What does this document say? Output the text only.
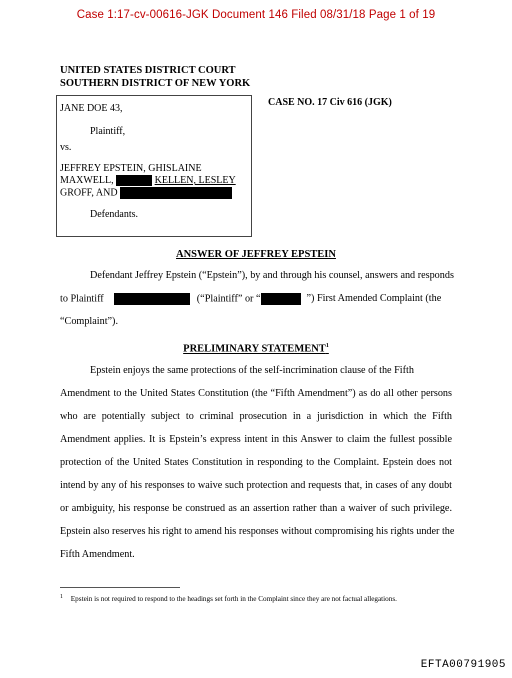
Case 1:17-cv-00616-JGK Document 146 Filed 08/31/18 Page 1 of 19
UNITED STATES DISTRICT COURT
SOUTHERN DISTRICT OF NEW YORK
JANE DOE 43,
Plaintiff,
vs.
JEFFREY EPSTEIN, GHISLAINE
MAXWELL,	KELLEN, LESLEY
GROFF, AND
Defendants.
CASE NO. 17 Civ 616 (JGK)
ANSWER OF JEFFREY EPSTEIN
Defendant Jeffrey Epstein (“Epstein”), by and through his counsel, answers and responds
to Plaintiff	(“Plaintiff” or “	”) First Amended Complaint (the
“Complaint”).
PRELIMINARY STATEMENT$^1$
Epstein enjoys the same protections of the self-incrimination clause of the Fifth
Amendment to the United States Constitution (the “Fifth Amendment”) as do all other persons
who are potentially subject to criminal prosecution in a jurisdiction in which the Fifth
Amendment applies. It is Epstein’s express intent in this Answer to claim the fullest possible
protection of the United States Constitution in responding to the Complaint. Epstein does not
intend by any of his responses to waive such protection and requests that, in cases of any doubt
or ambiguity, his response be construed as an assertion rather than a waiver of such privilege.
Epstein also reserves his right to amend his responses without compromising his rights under the
Fifth Amendment.
$^1$ Epstein is not required to respond to the headings set forth in the Complaint since they are not factual allegations.
EFTA00791905
